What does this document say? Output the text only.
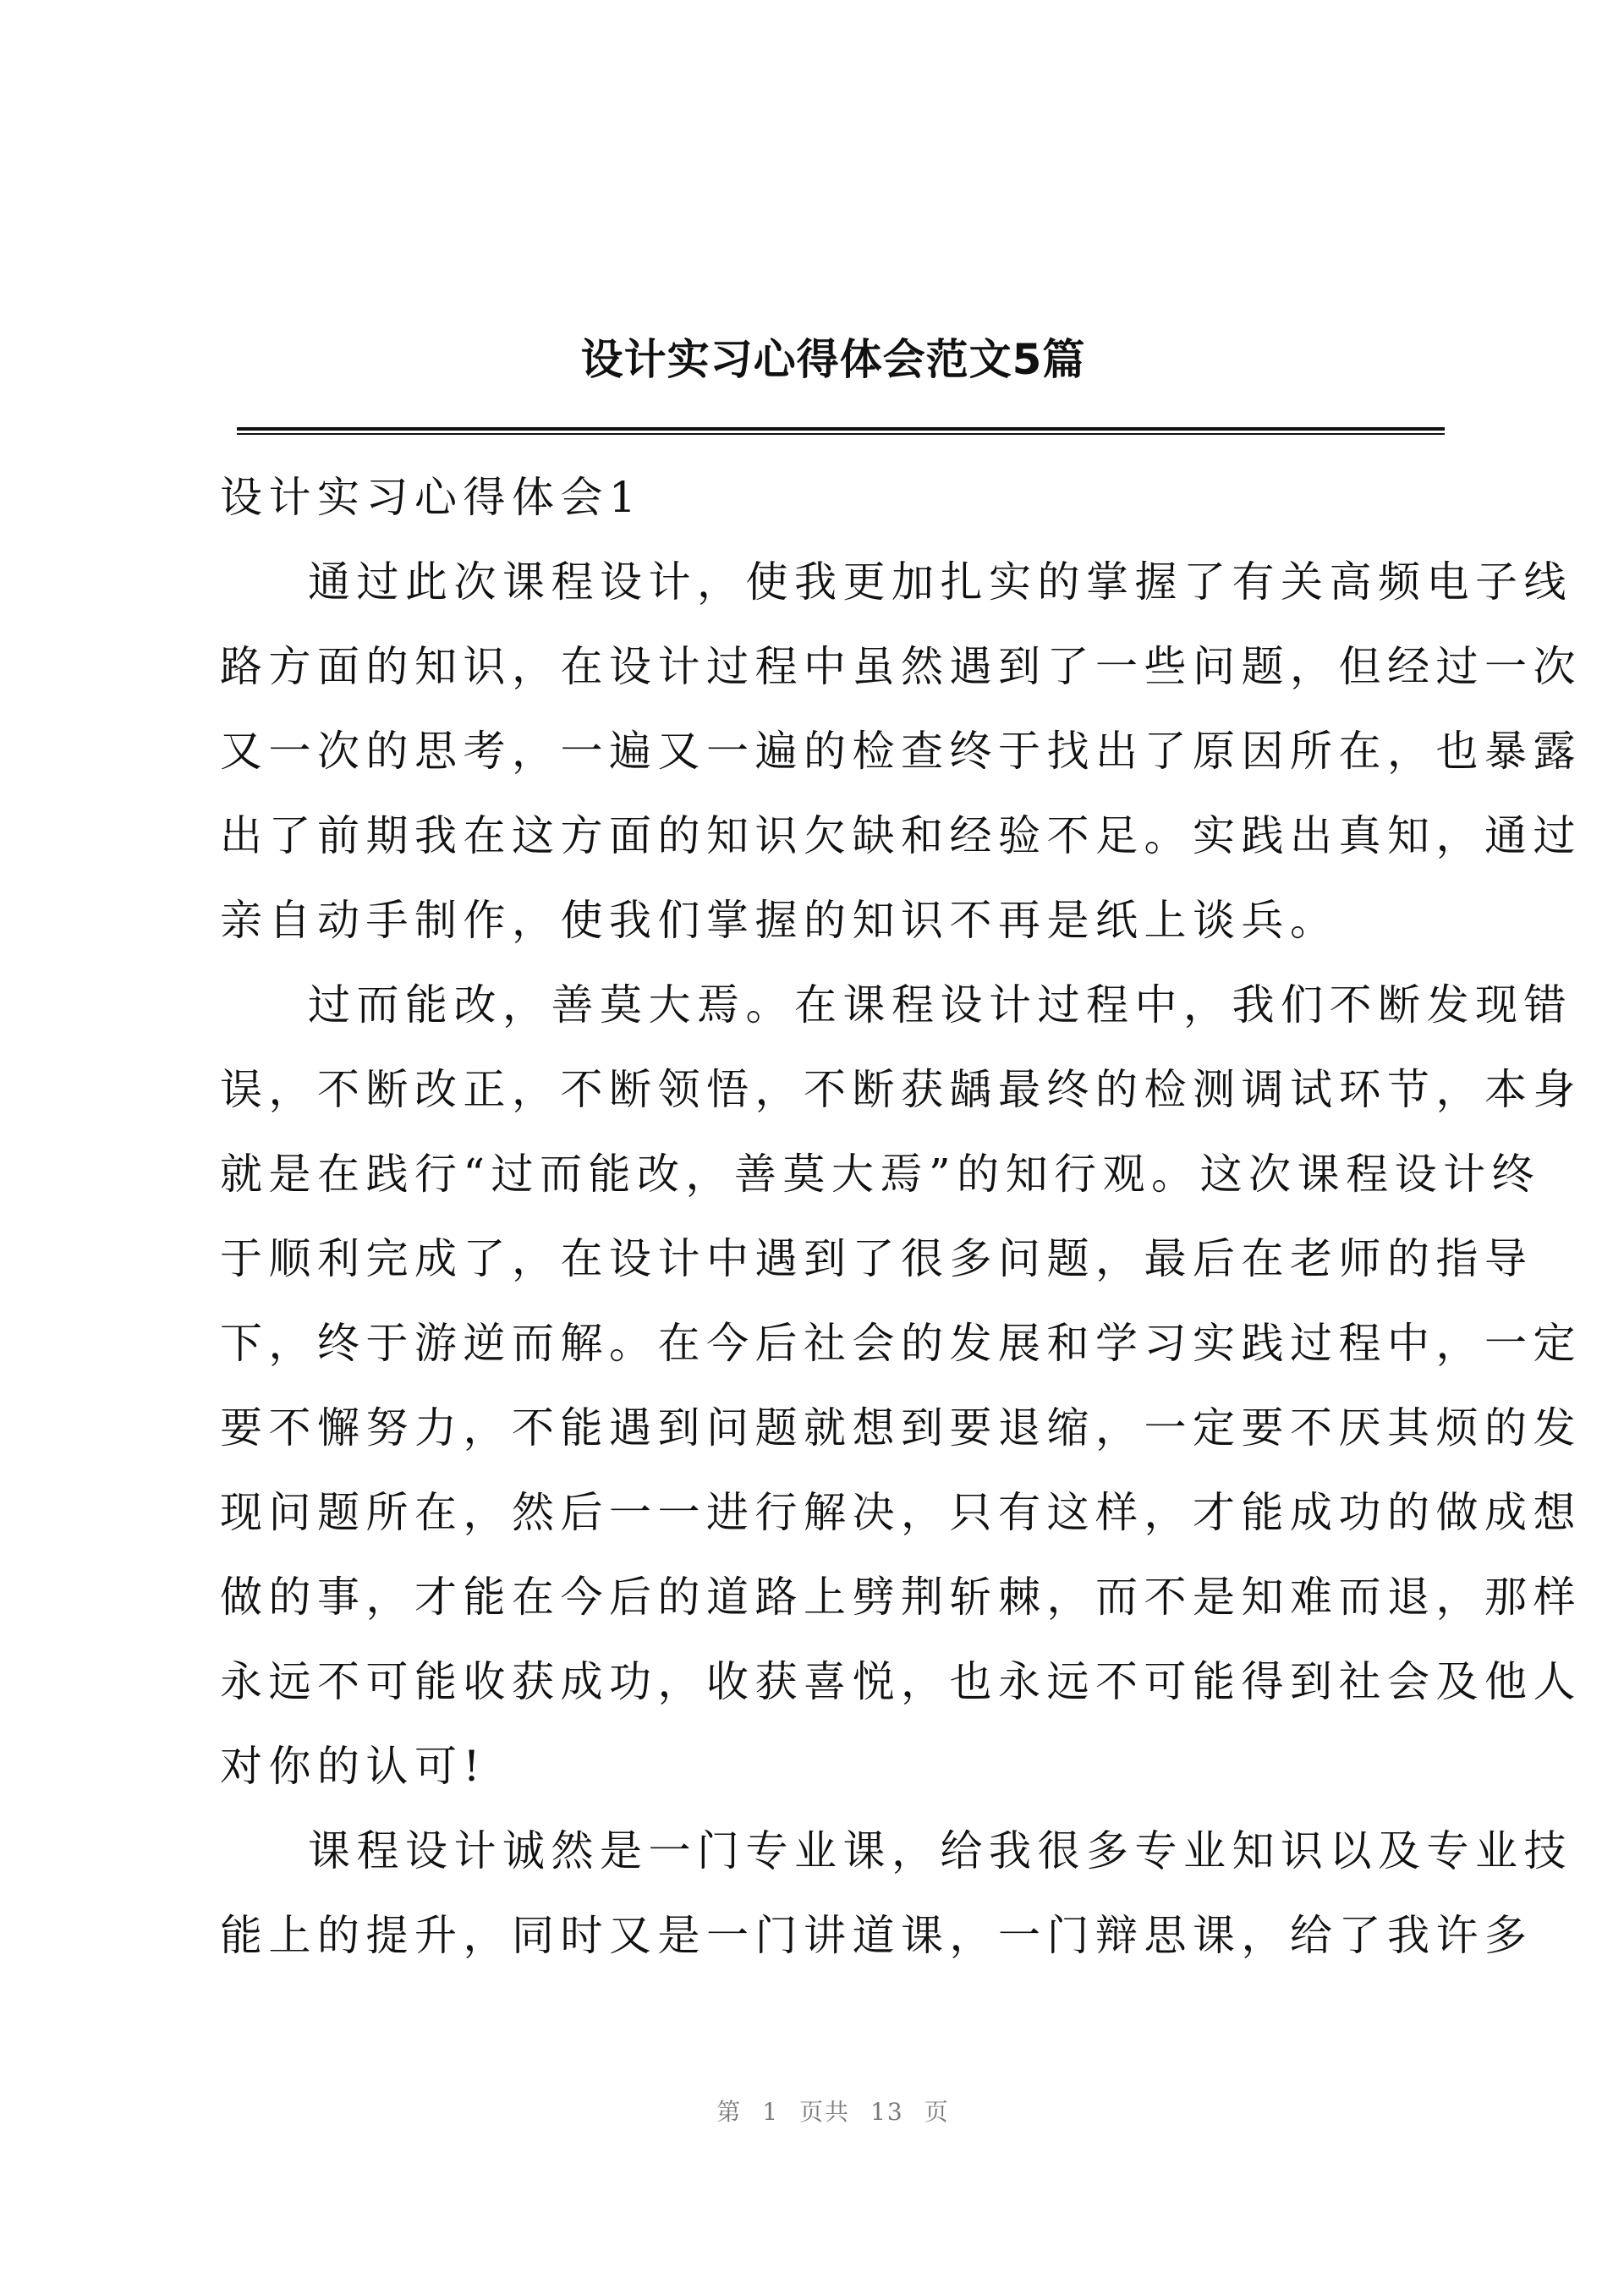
设计实习心得体会范文5篇
设计实习心得体会1
通过此次课程设计，使我更加扎实的掌握了有关高频电子线
路方面的知识，在设计过程中虽然遇到了一些问题，但经过一次
又一次的思考，一遍又一遍的检查终于找出了原因所在，也暴露
出了前期我在这方面的知识欠缺和经验不足。实践出真知，通过
亲自动手制作，使我们掌握的知识不再是纸上谈兵。
过而能改，善莫大焉。在课程设计过程中，我们不断发现错
误，不断改正，不断领悟，不断获龋最终的检测调试环节，本身
就是在践行“过而能改，善莫大焉”的知行观。这次课程设计终
于顺利完成了，在设计中遇到了很多问题，最后在老师的指导
下，终于游逆而解。在今后社会的发展和学习实践过程中，一定
要不懈努力，不能遇到问题就想到要退缩，一定要不厌其烦的发
现问题所在，然后一一进行解决，只有这样，才能成功的做成想
做的事，才能在今后的道路上劈荆斩棘，而不是知难而退，那样
永远不可能收获成功，收获喜悦，也永远不可能得到社会及他人
对你的认可!
课程设计诚然是一门专业课，给我很多专业知识以及专业技
能上的提升，同时又是一门讲道课，一门辩思课，给了我许多
第 1 页共 13 页
